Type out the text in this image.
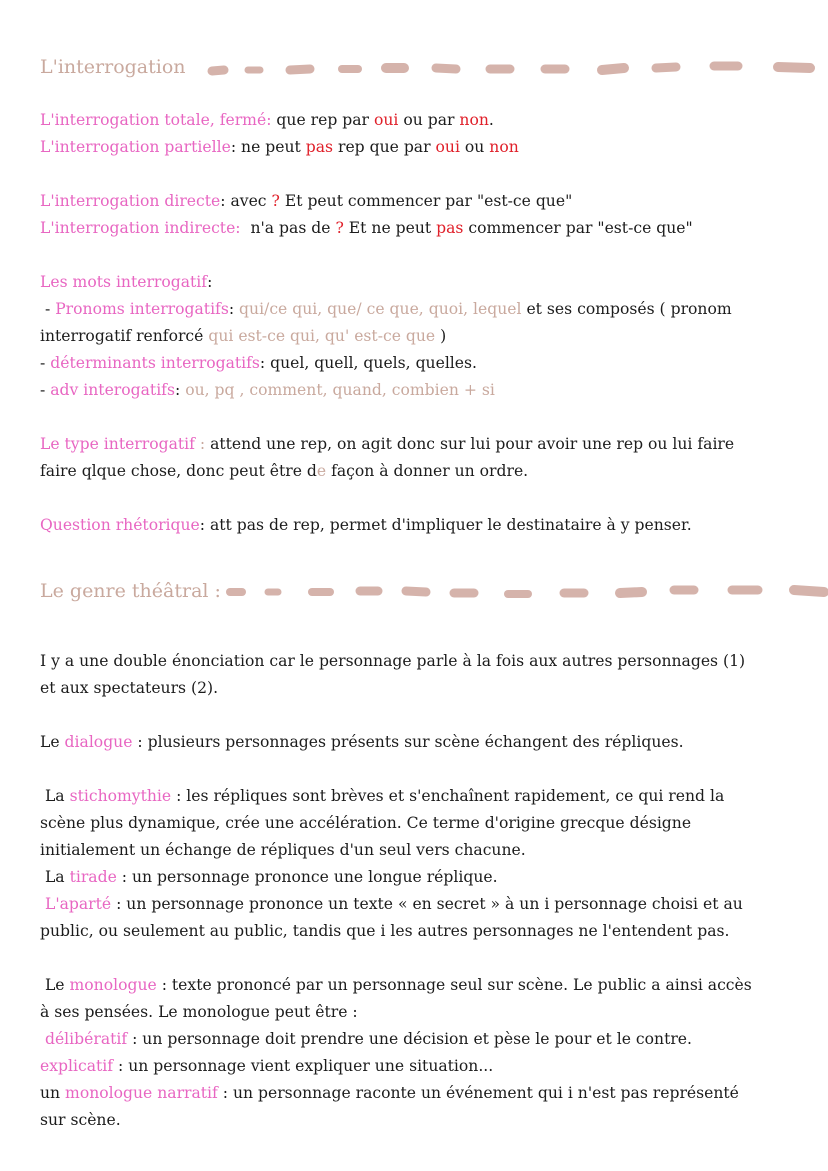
L'interrogation
L'interrogation totale, fermé: que rep par oui ou par non.
L'interrogation partielle: ne peut pas rep que par oui ou non
L'interrogation directe: avec ? Et peut commencer par "est-ce que"
L'interrogation indirecte:  n'a pas de ? Et ne peut pas commencer par "est-ce que"
Les mots interrogatif:
- Pronoms interrogatifs: qui/ce qui, que/ ce que, quoi, lequel et ses composés ( pronom
interrogatif renforcé qui est-ce qui, qu' est-ce que )
- déterminants interrogatifs: quel, quell, quels, quelles.
- adv interogatifs: ou, pq , comment, quand, combien + si
Le type interrogatif : attend une rep, on agit donc sur lui pour avoir une rep ou lui faire
faire qlque chose, donc peut être de façon à donner un ordre.
Question rhétorique: att pas de rep, permet d'impliquer le destinataire à y penser.
Le genre théâtral :
I y a une double énonciation car le personnage parle à la fois aux autres personnages (1)
et aux spectateurs (2).
Le dialogue : plusieurs personnages présents sur scène échangent des répliques.
La stichomythie : les répliques sont brèves et s'enchaînent rapidement, ce qui rend la
scène plus dynamique, crée une accélération. Ce terme d'origine grecque désigne
initialement un échange de répliques d'un seul vers chacune.
La tirade : un personnage prononce une longue réplique.
L'aparté : un personnage prononce un texte « en secret » à un i personnage choisi et au
public, ou seulement au public, tandis que i les autres personnages ne l'entendent pas.
Le monologue : texte prononcé par un personnage seul sur scène. Le public a ainsi accès
à ses pensées. Le monologue peut être :
délibératif : un personnage doit prendre une décision et pèse le pour et le contre.
explicatif : un personnage vient expliquer une situation...
un monologue narratif : un personnage raconte un événement qui i n'est pas représenté
sur scène.
